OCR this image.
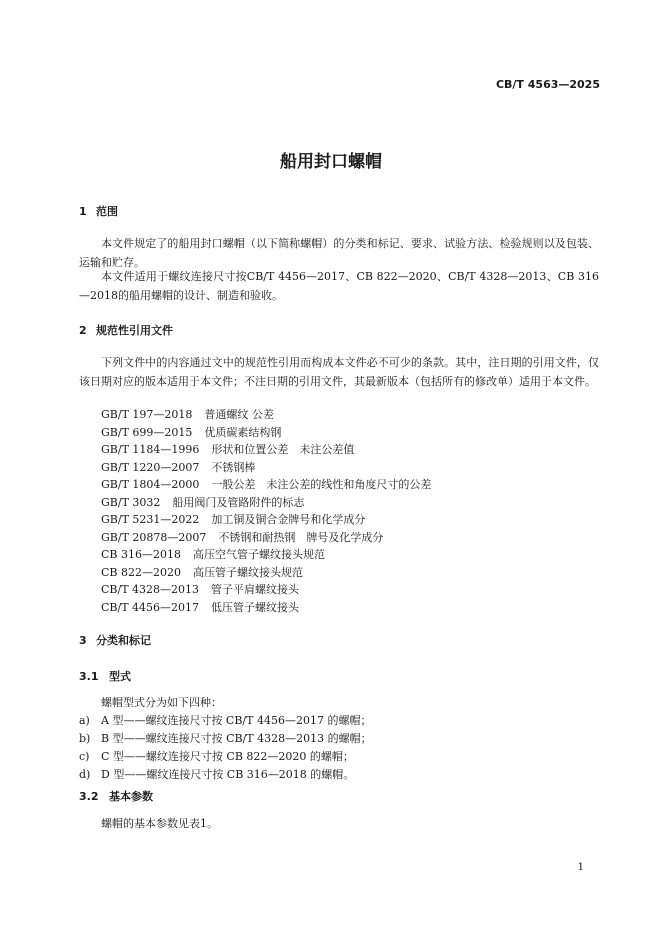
CB/T 4563—2025
船用封口螺帽
1 范围
本文件规定了的船用封口螺帽（以下简称螺帽）的分类和标记、要求、试验方法、检验规则以及包装、运输和贮存。
本文件适用于螺纹连接尺寸按CB/T 4456—2017、CB 822—2020、CB/T 4328—2013、CB 316—2018的船用螺帽的设计、制造和验收。
2 规范性引用文件
下列文件中的内容通过文中的规范性引用而构成本文件必不可少的条款。其中，注日期的引用文件，仅该日期对应的版本适用于本文件；不注日期的引用文件，其最新版本（包括所有的修改单）适用于本文件。
GB/T 197—2018 普通螺纹 公差
GB/T 699—2015 优质碳素结构钢
GB/T 1184—1996 形状和位置公差　未注公差值
GB/T 1220—2007 不锈钢棒
GB/T 1804—2000 一般公差　未注公差的线性和角度尺寸的公差
GB/T 3032 船用阀门及管路附件的标志
GB/T 5231—2022 加工铜及铜合金牌号和化学成分
GB/T 20878—2007 不锈钢和耐热钢　牌号及化学成分
CB 316—2018 高压空气管子螺纹接头规范
CB 822—2020 高压管子螺纹接头规范
CB/T 4328—2013 管子平肩螺纹接头
CB/T 4456—2017 低压管子螺纹接头
3 分类和标记
3.1 型式
螺帽型式分为如下四种：
a) A 型——螺纹连接尺寸按 CB/T 4456—2017 的螺帽；
b) B 型——螺纹连接尺寸按 CB/T 4328—2013 的螺帽；
c) C 型——螺纹连接尺寸按 CB 822—2020 的螺帽；
d) D 型——螺纹连接尺寸按 CB 316—2018 的螺帽。
3.2 基本参数
螺帽的基本参数见表1。
1
